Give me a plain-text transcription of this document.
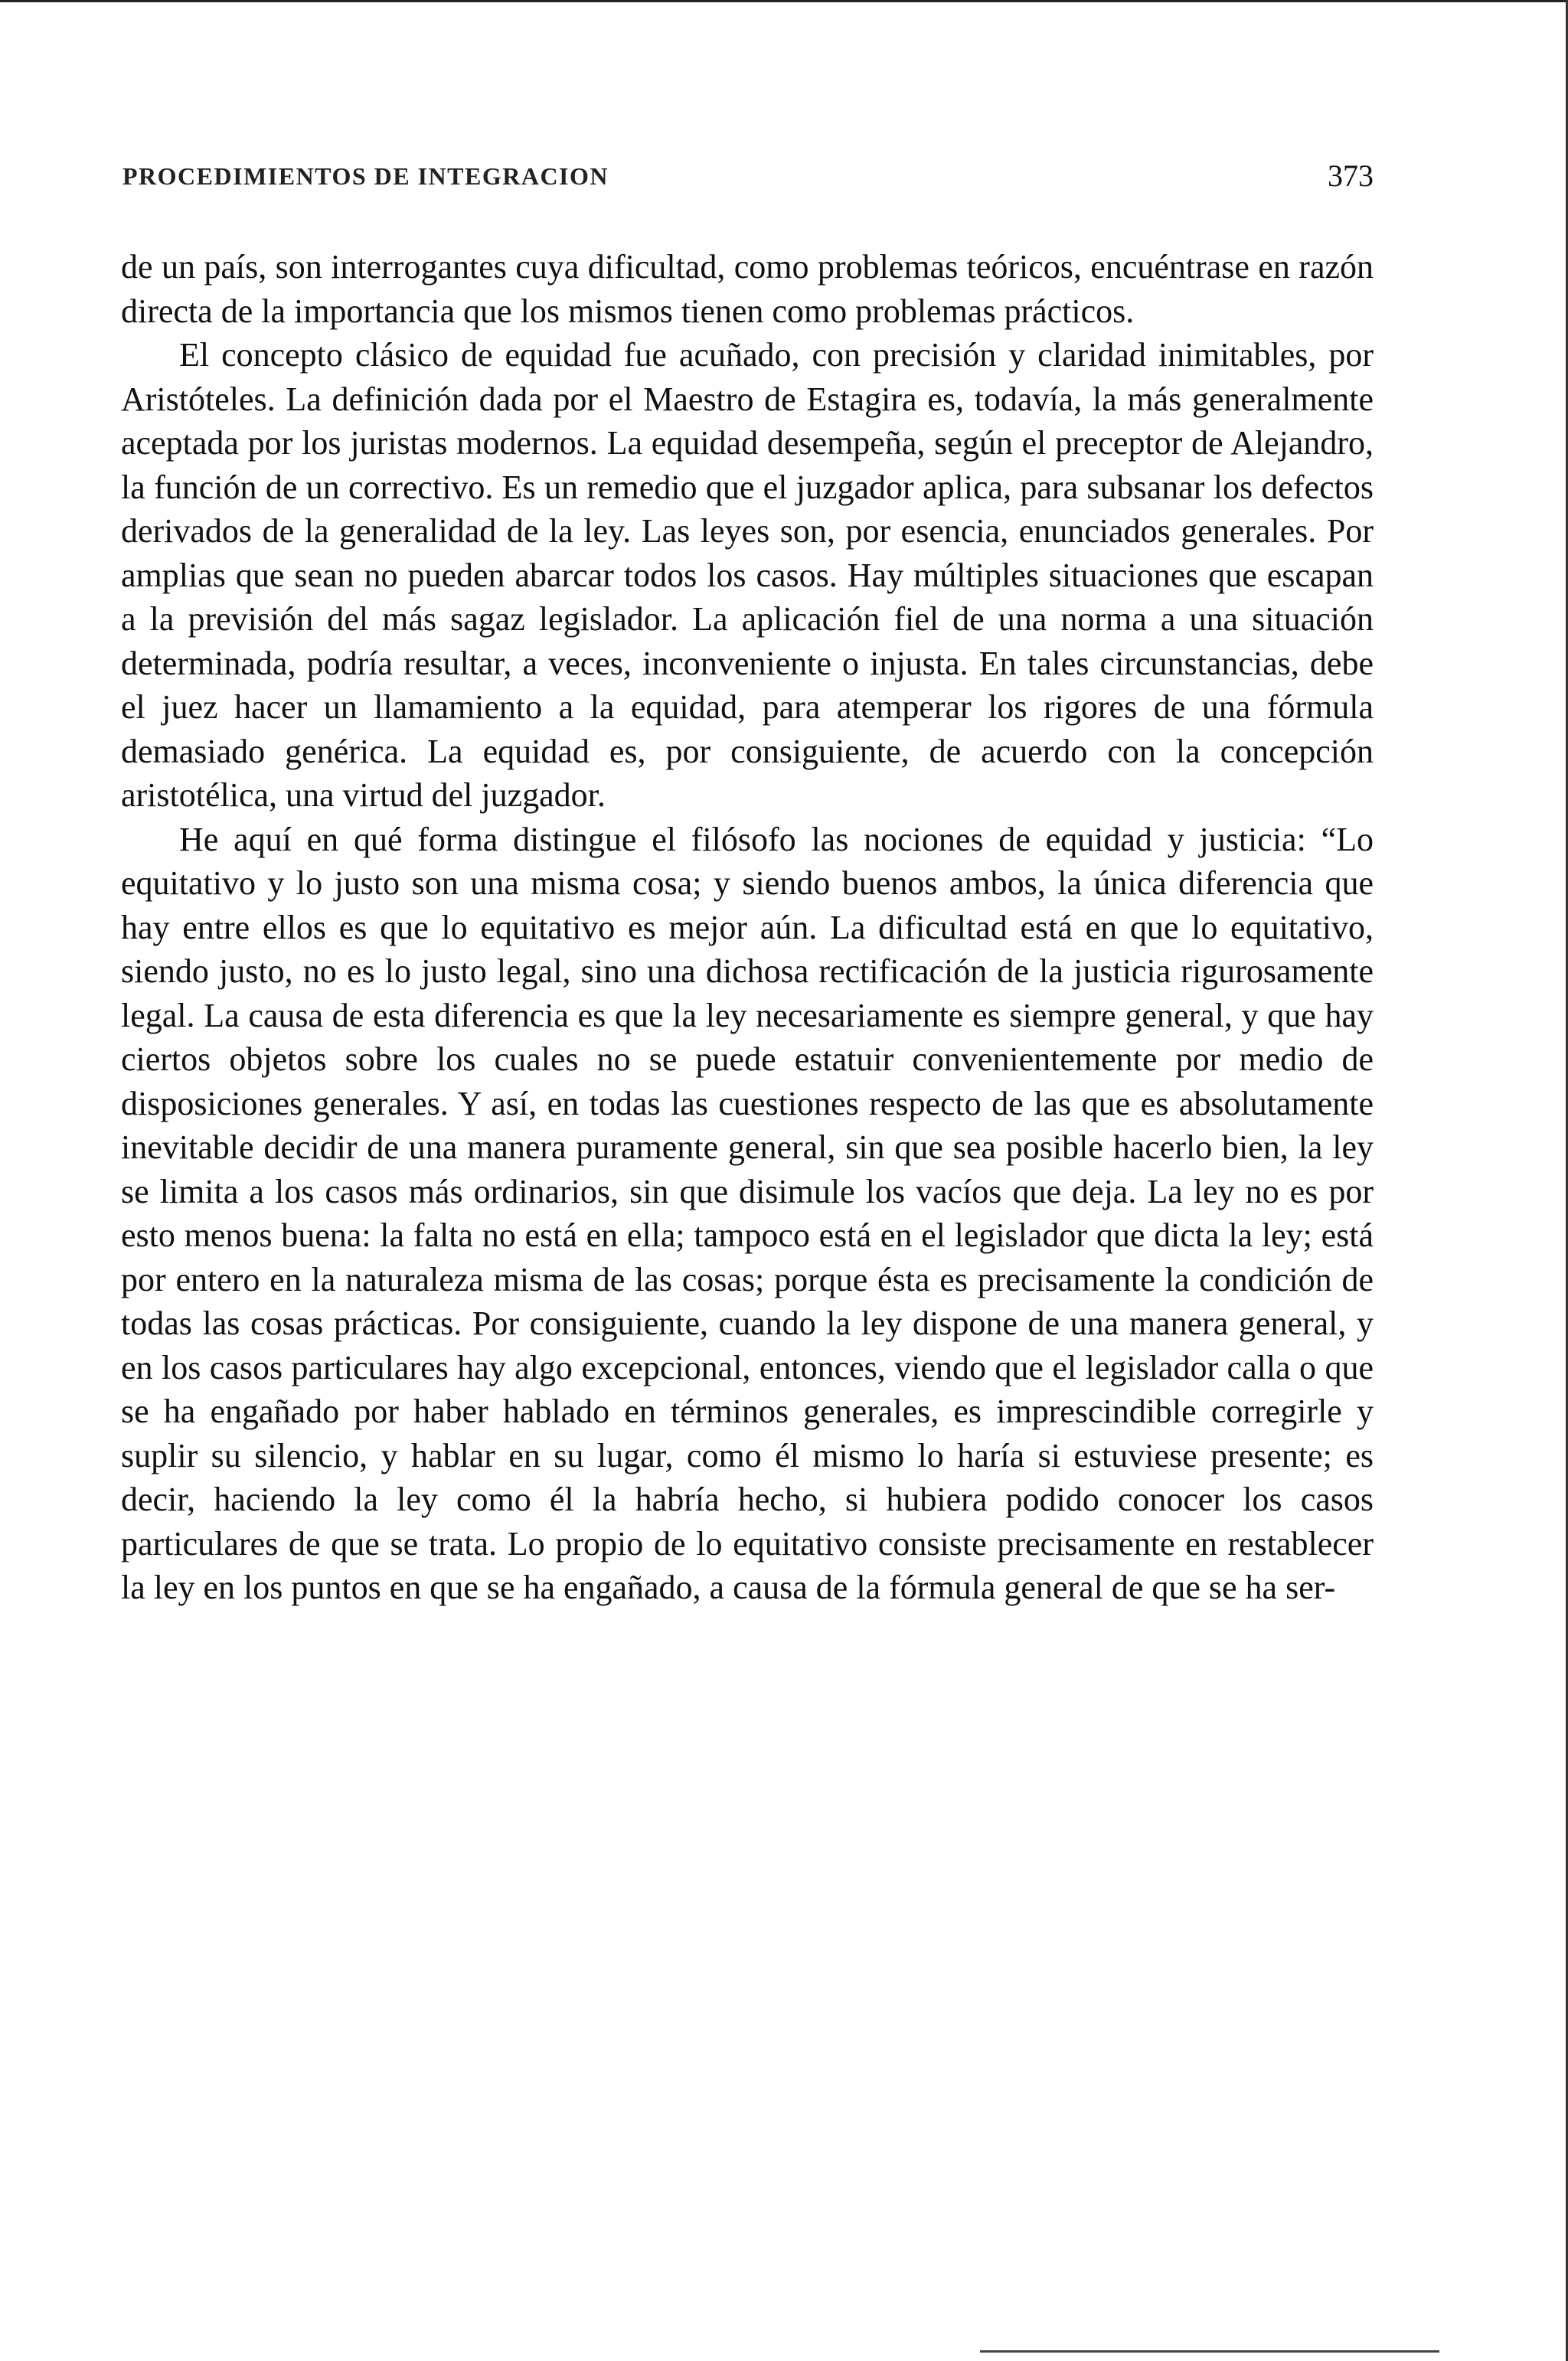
PROCEDIMIENTOS DE INTEGRACION	373

de un país, son interrogantes cuya dificultad, como problemas teóricos, encuéntrase en razón directa de la importancia que los mismos tienen como problemas prácticos.

El concepto clásico de equidad fue acuñado, con precisión y claridad inimitables, por Aristóteles. La definición dada por el Maestro de Estagira es, todavía, la más generalmente aceptada por los juristas modernos. La equidad desempeña, según el preceptor de Alejandro, la función de un correctivo. Es un remedio que el juzgador aplica, para subsanar los defectos derivados de la generalidad de la ley. Las leyes son, por esencia, enunciados generales. Por amplias que sean no pueden abarcar todos los casos. Hay múltiples situaciones que escapan a la previsión del más sagaz legislador. La aplicación fiel de una norma a una situación determinada, podría resultar, a veces, inconveniente o injusta. En tales circunstancias, debe el juez hacer un llamamiento a la equidad, para atemperar los rigores de una fórmula demasiado genérica. La equidad es, por consiguiente, de acuerdo con la concepción aristotélica, una virtud del juzgador.

He aquí en qué forma distingue el filósofo las nociones de equidad y justicia: “Lo equitativo y lo justo son una misma cosa; y siendo buenos ambos, la única diferencia que hay entre ellos es que lo equitativo es mejor aún. La dificultad está en que lo equitativo, siendo justo, no es lo justo legal, sino una dichosa rectificación de la justicia rigurosamente legal. La causa de esta diferencia es que la ley necesariamente es siempre general, y que hay ciertos objetos sobre los cuales no se puede estatuir convenientemente por medio de disposiciones generales. Y así, en todas las cuestiones respecto de las que es absolutamente inevitable decidir de una manera puramente general, sin que sea posible hacerlo bien, la ley se limita a los casos más ordinarios, sin que disimule los vacíos que deja. La ley no es por esto menos buena: la falta no está en ella; tampoco está en el legislador que dicta la ley; está por entero en la naturaleza misma de las cosas; porque ésta es precisamente la condición de todas las cosas prácticas. Por consiguiente, cuando la ley dispone de una manera general, y en los casos particulares hay algo excepcional, entonces, viendo que el legislador calla o que se ha engañado por haber hablado en términos generales, es imprescindible corregirle y suplir su silencio, y hablar en su lugar, como él mismo lo haría si estuviese presente; es decir, haciendo la ley como él la habría hecho, si hubiera podido conocer los casos particulares de que se trata. Lo propio de lo equitativo consiste precisamente en restablecer la ley en los puntos en que se ha engañado, a causa de la fórmula general de que se ha ser-
